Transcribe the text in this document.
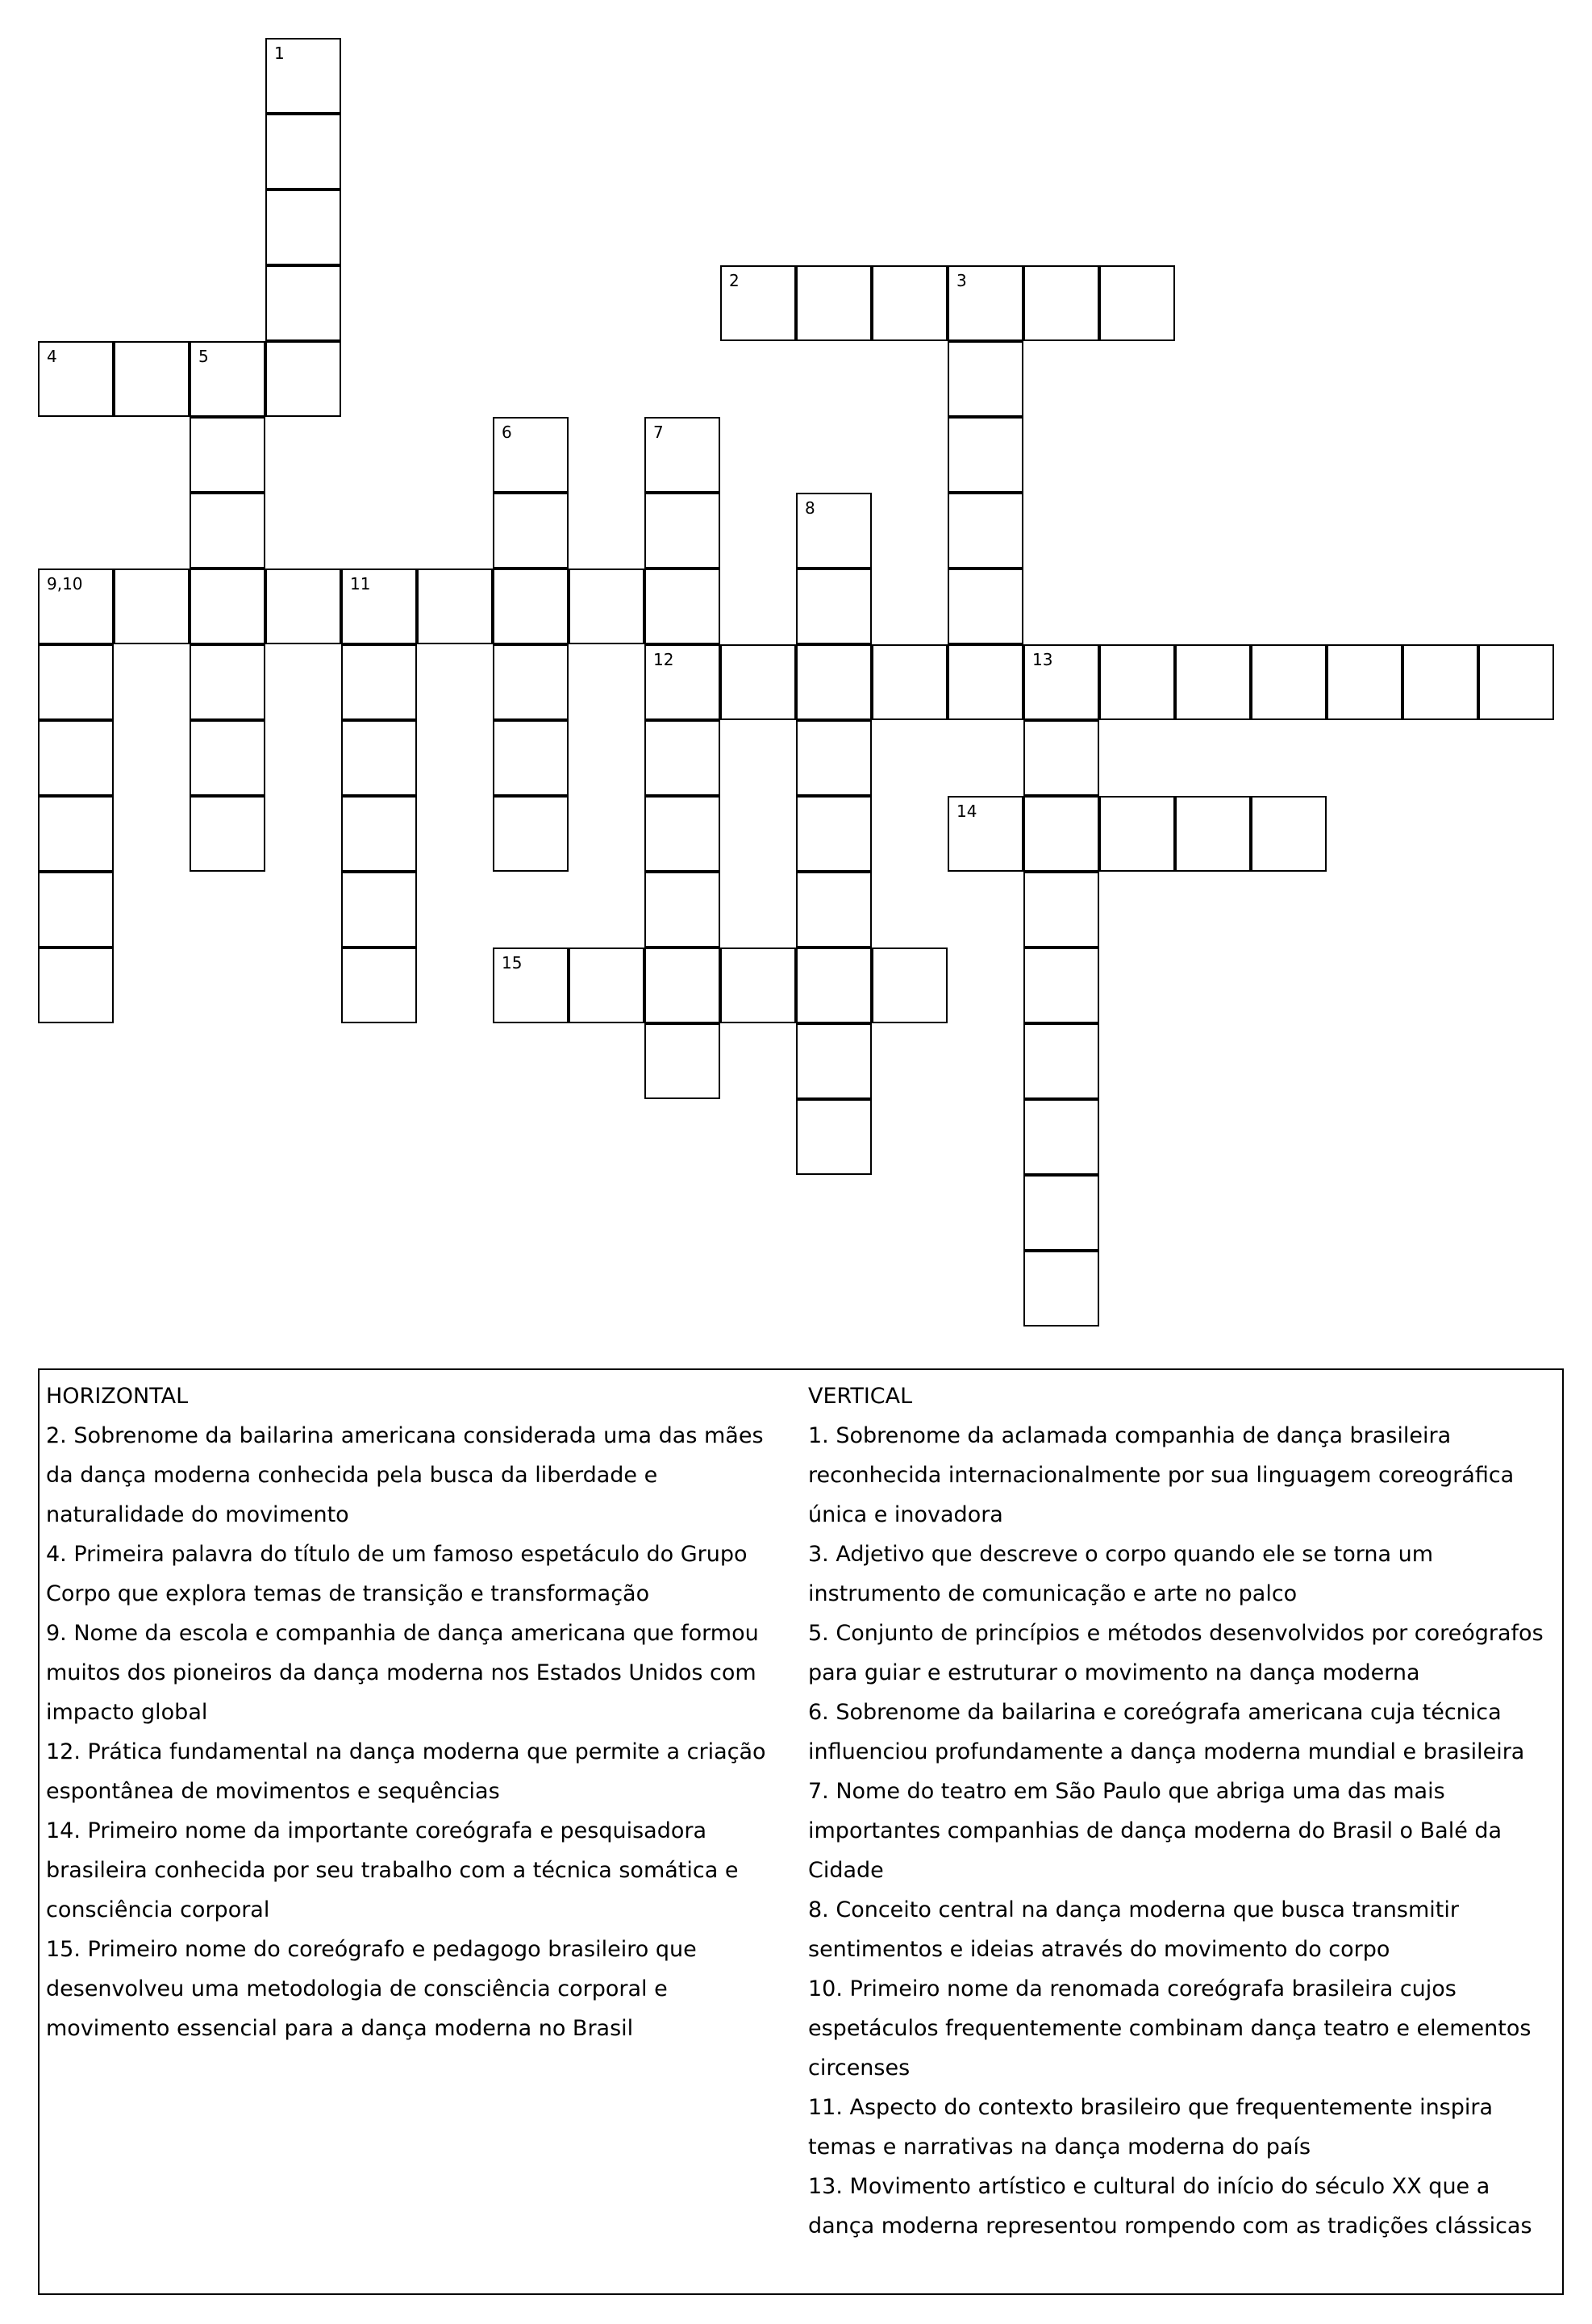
1
2	3
4	5
6	7
8
9,10	11
12	13
14
15

HORIZONTAL

2. Sobrenome da bailarina americana considerada uma das mães da dança moderna conhecida pela busca da liberdade e naturalidade do movimento

4. Primeira palavra do título de um famoso espetáculo do Grupo Corpo que explora temas de transição e transformação

9. Nome da escola e companhia de dança americana que formou muitos dos pioneiros da dança moderna nos Estados Unidos com impacto global

12. Prática fundamental na dança moderna que permite a criação espontânea de movimentos e sequências

14. Primeiro nome da importante coreógrafa e pesquisadora brasileira conhecida por seu trabalho com a técnica somática e consciência corporal

15. Primeiro nome do coreógrafo e pedagogo brasileiro que desenvolveu uma metodologia de consciência corporal e movimento essencial para a dança moderna no Brasil

VERTICAL

1. Sobrenome da aclamada companhia de dança brasileira reconhecida internacionalmente por sua linguagem coreográfica única e inovadora

3. Adjetivo que descreve o corpo quando ele se torna um instrumento de comunicação e arte no palco

5. Conjunto de princípios e métodos desenvolvidos por coreógrafos para guiar e estruturar o movimento na dança moderna

6. Sobrenome da bailarina e coreógrafa americana cuja técnica influenciou profundamente a dança moderna mundial e brasileira

7. Nome do teatro em São Paulo que abriga uma das mais importantes companhias de dança moderna do Brasil o Balé da Cidade

8. Conceito central na dança moderna que busca transmitir sentimentos e ideias através do movimento do corpo

10. Primeiro nome da renomada coreógrafa brasileira cujos espetáculos frequentemente combinam dança teatro e elementos circenses

11. Aspecto do contexto brasileiro que frequentemente inspira temas e narrativas na dança moderna do país

13. Movimento artístico e cultural do início do século XX que a dança moderna representou rompendo com as tradições clássicas
